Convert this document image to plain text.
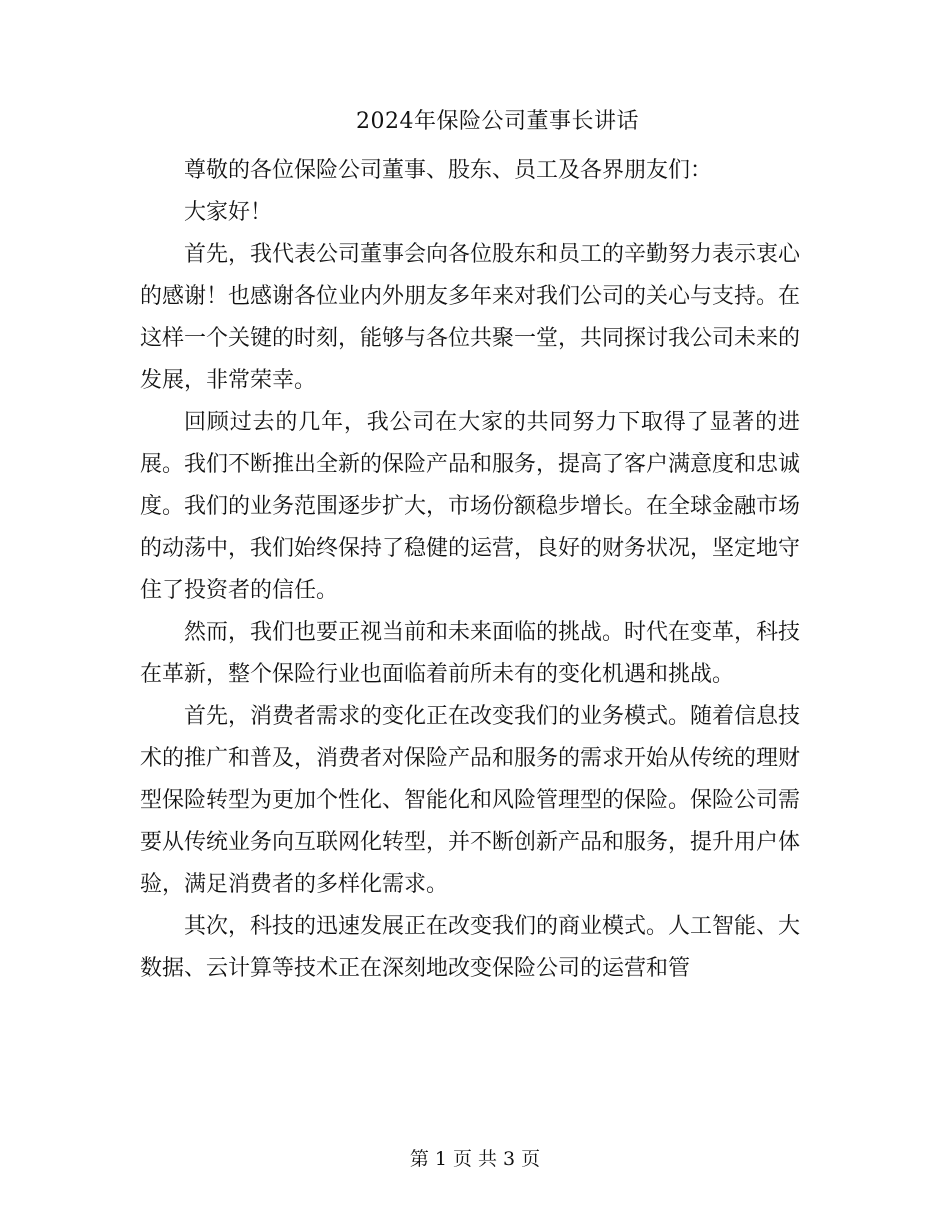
2024年保险公司董事长讲话

尊敬的各位保险公司董事、股东、员工及各界朋友们：

大家好！

首先，我代表公司董事会向各位股东和员工的辛勤努力表示衷心的感谢！也感谢各位业内外朋友多年来对我们公司的关心与支持。在这样一个关键的时刻，能够与各位共聚一堂，共同探讨我公司未来的发展，非常荣幸。

回顾过去的几年，我公司在大家的共同努力下取得了显著的进展。我们不断推出全新的保险产品和服务，提高了客户满意度和忠诚度。我们的业务范围逐步扩大，市场份额稳步增长。在全球金融市场的动荡中，我们始终保持了稳健的运营，良好的财务状况，坚定地守住了投资者的信任。

然而，我们也要正视当前和未来面临的挑战。时代在变革，科技在革新，整个保险行业也面临着前所未有的变化机遇和挑战。

首先，消费者需求的变化正在改变我们的业务模式。随着信息技术的推广和普及，消费者对保险产品和服务的需求开始从传统的理财型保险转型为更加个性化、智能化和风险管理型的保险。保险公司需要从传统业务向互联网化转型，并不断创新产品和服务，提升用户体验，满足消费者的多样化需求。

其次，科技的迅速发展正在改变我们的商业模式。人工智能、大数据、云计算等技术正在深刻地改变保险公司的运营和管

第 1 页 共 3 页
